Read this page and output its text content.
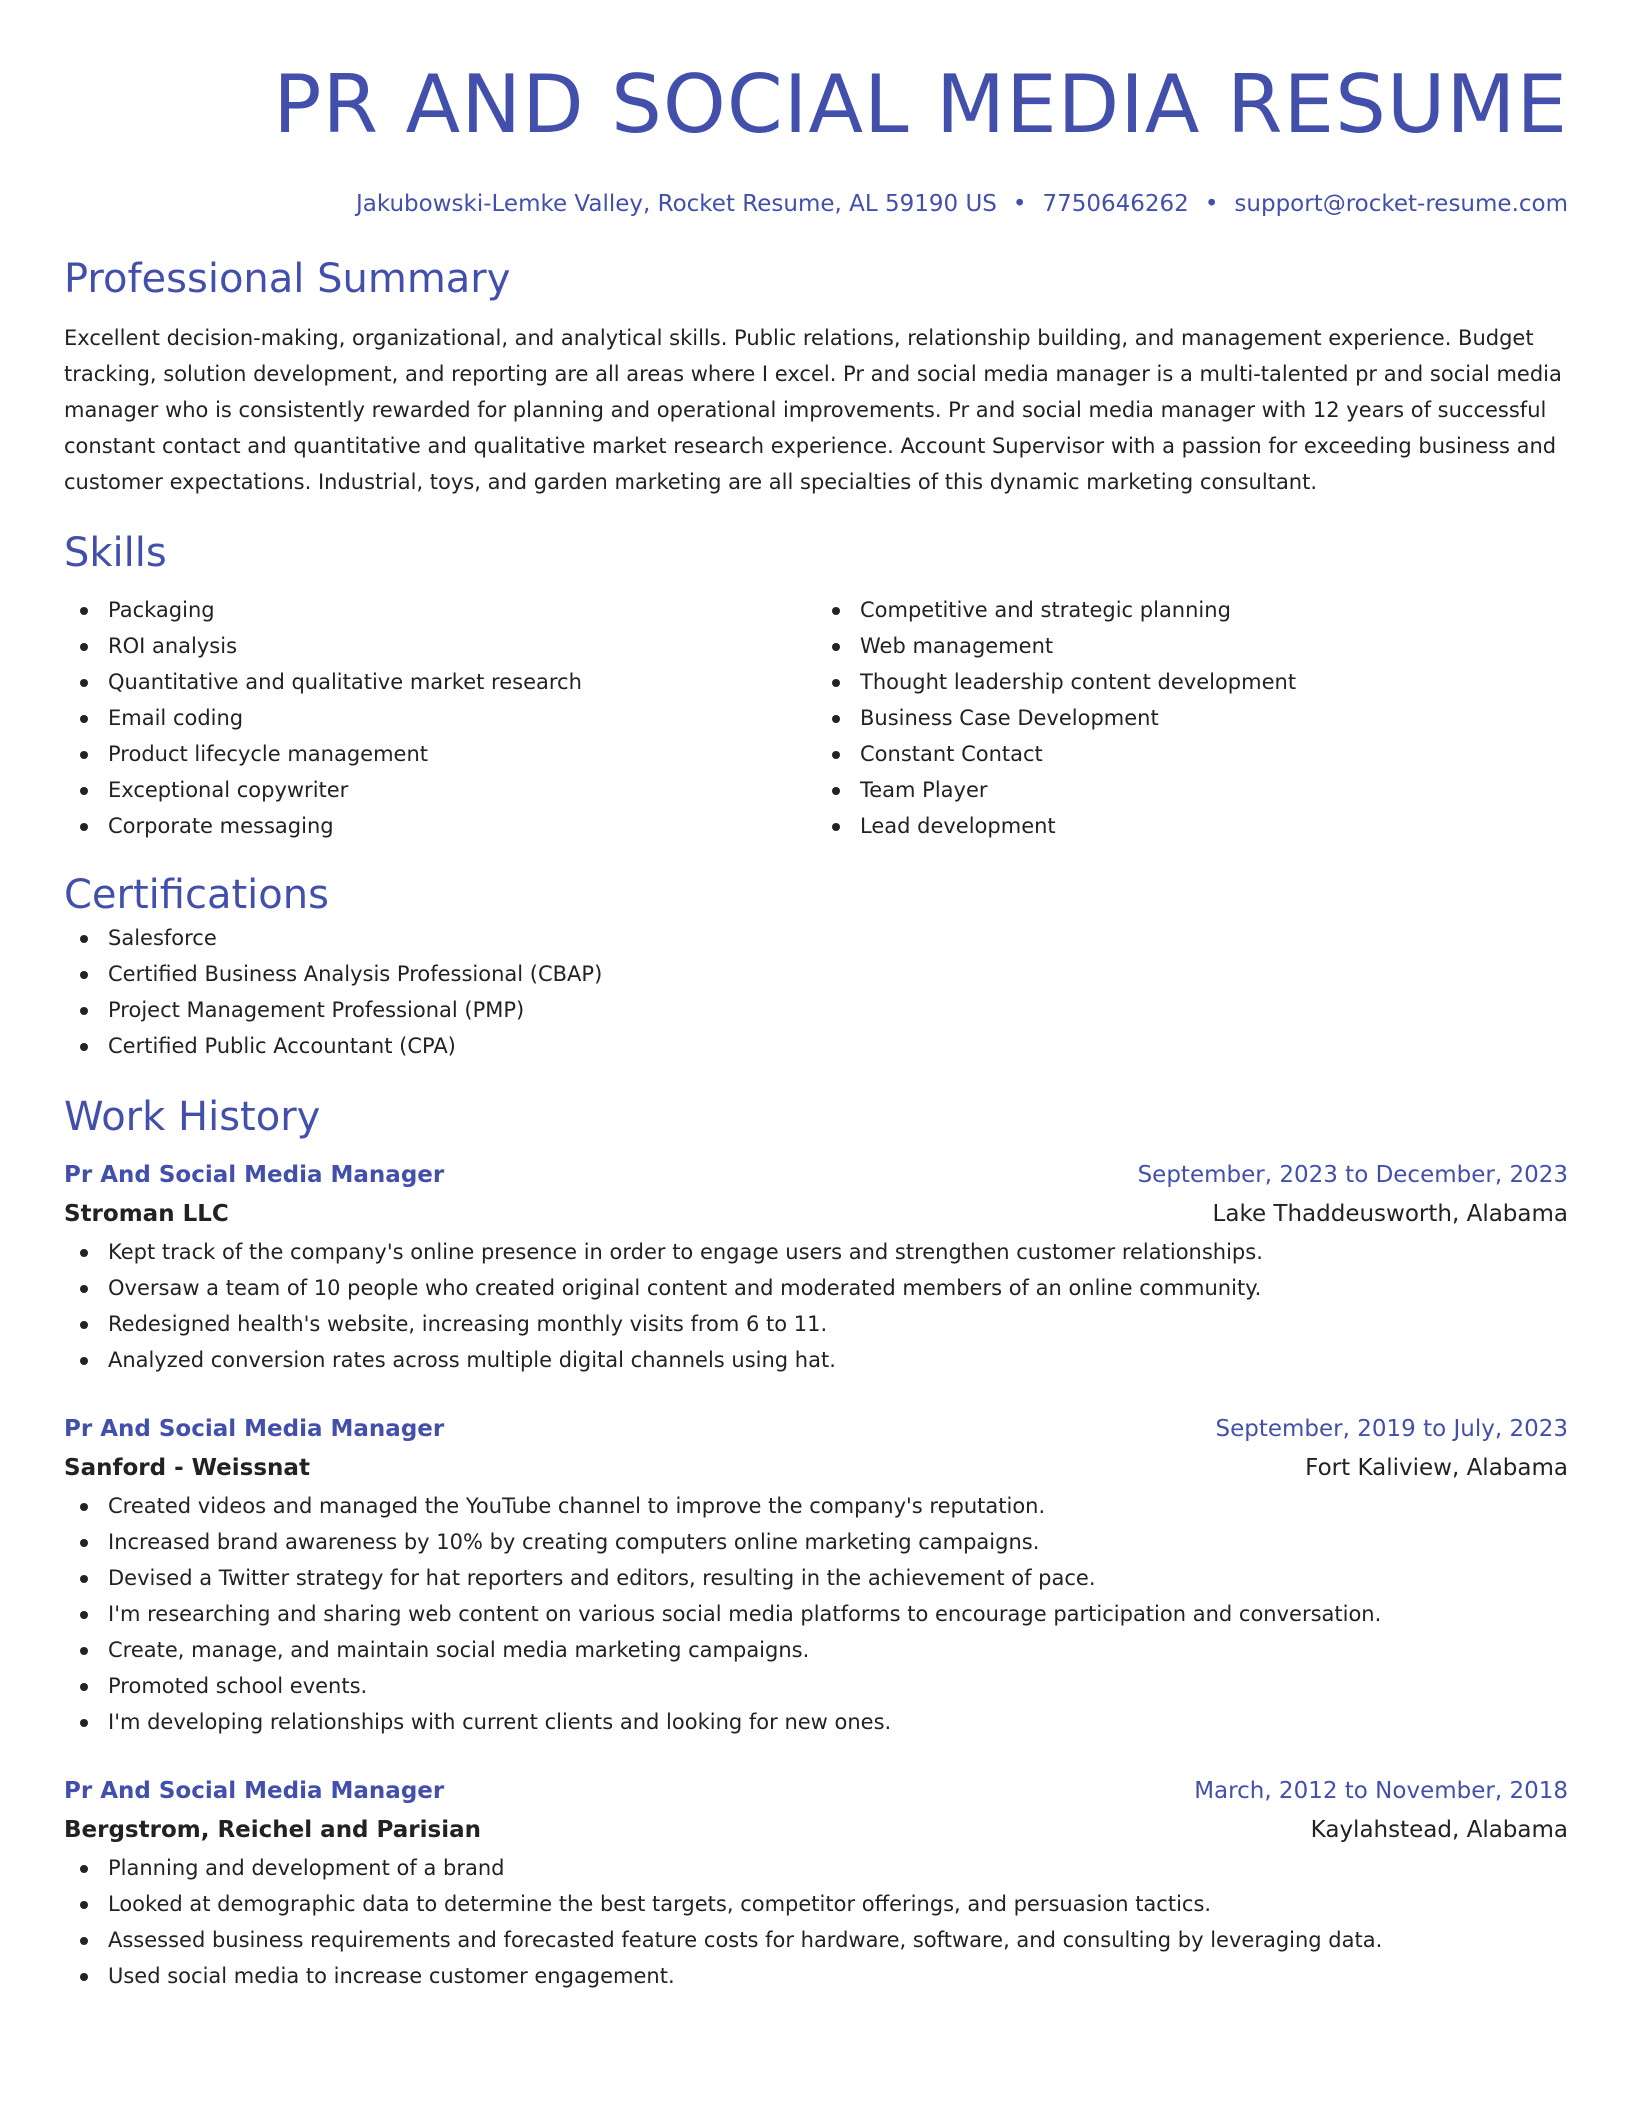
PR AND SOCIAL MEDIA RESUME
Jakubowski-Lemke Valley, Rocket Resume, AL 59190 US • 7750646262 • support@rocket-resume.com
Professional Summary

Excellent decision-making, organizational, and analytical skills. Public relations, relationship building, and management experience. Budget tracking, solution development, and reporting are all areas where I excel. Pr and social media manager is a multi-talented pr and social media manager who is consistently rewarded for planning and operational improvements. Pr and social media manager with 12 years of successful constant contact and quantitative and qualitative market research experience. Account Supervisor with a passion for exceeding business and customer expectations. Industrial, toys, and garden marketing are all specialties of this dynamic marketing consultant.

Skills
Packaging
ROI analysis
Quantitative and qualitative market research
Email coding
Product lifecycle management
Exceptional copywriter
Corporate messaging
Competitive and strategic planning
Web management
Thought leadership content development
Business Case Development
Constant Contact
Team Player
Lead development
Certifications
Salesforce
Certified Business Analysis Professional (CBAP)
Project Management Professional (PMP)
Certified Public Accountant (CPA)
Work History
Pr And Social Media Manager	September, 2023 to December, 2023
Stroman LLC	Lake Thaddeusworth, Alabama
Kept track of the company's online presence in order to engage users and strengthen customer relationships.
Oversaw a team of 10 people who created original content and moderated members of an online community.
Redesigned health's website, increasing monthly visits from 6 to 11.
Analyzed conversion rates across multiple digital channels using hat.
Pr And Social Media Manager	September, 2019 to July, 2023
Sanford - Weissnat	Fort Kaliview, Alabama
Created videos and managed the YouTube channel to improve the company's reputation.
Increased brand awareness by 10% by creating computers online marketing campaigns.
Devised a Twitter strategy for hat reporters and editors, resulting in the achievement of pace.
I'm researching and sharing web content on various social media platforms to encourage participation and conversation.
Create, manage, and maintain social media marketing campaigns.
Promoted school events.
I'm developing relationships with current clients and looking for new ones.
Pr And Social Media Manager	March, 2012 to November, 2018
Bergstrom, Reichel and Parisian	Kaylahstead, Alabama
Planning and development of a brand
Looked at demographic data to determine the best targets, competitor offerings, and persuasion tactics.
Assessed business requirements and forecasted feature costs for hardware, software, and consulting by leveraging data.
Used social media to increase customer engagement.
